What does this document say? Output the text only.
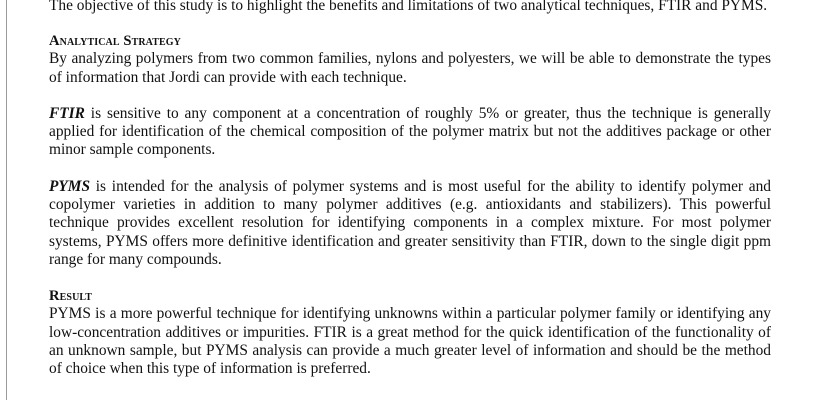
The objective of this study is to highlight the benefits and limitations of two analytical techniques, FTIR and PYMS.

Analytical Strategy

By analyzing polymers from two common families, nylons and polyesters, we will be able to demonstrate the types of information that Jordi can provide with each technique.

FTIR is sensitive to any component at a concentration of roughly 5% or greater, thus the technique is generally applied for identification of the chemical composition of the polymer matrix but not the additives package or other minor sample components.

PYMS is intended for the analysis of polymer systems and is most useful for the ability to identify polymer and copolymer varieties in addition to many polymer additives (e.g. antioxidants and stabilizers). This powerful technique provides excellent resolution for identifying components in a complex mixture. For most polymer systems, PYMS offers more definitive identification and greater sensitivity than FTIR, down to the single digit ppm range for many compounds.

Result

PYMS is a more powerful technique for identifying unknowns within a particular polymer family or identifying any low-concentration additives or impurities. FTIR is a great method for the quick identification of the functionality of an unknown sample, but PYMS analysis can provide a much greater level of information and should be the method of choice when this type of information is preferred.
